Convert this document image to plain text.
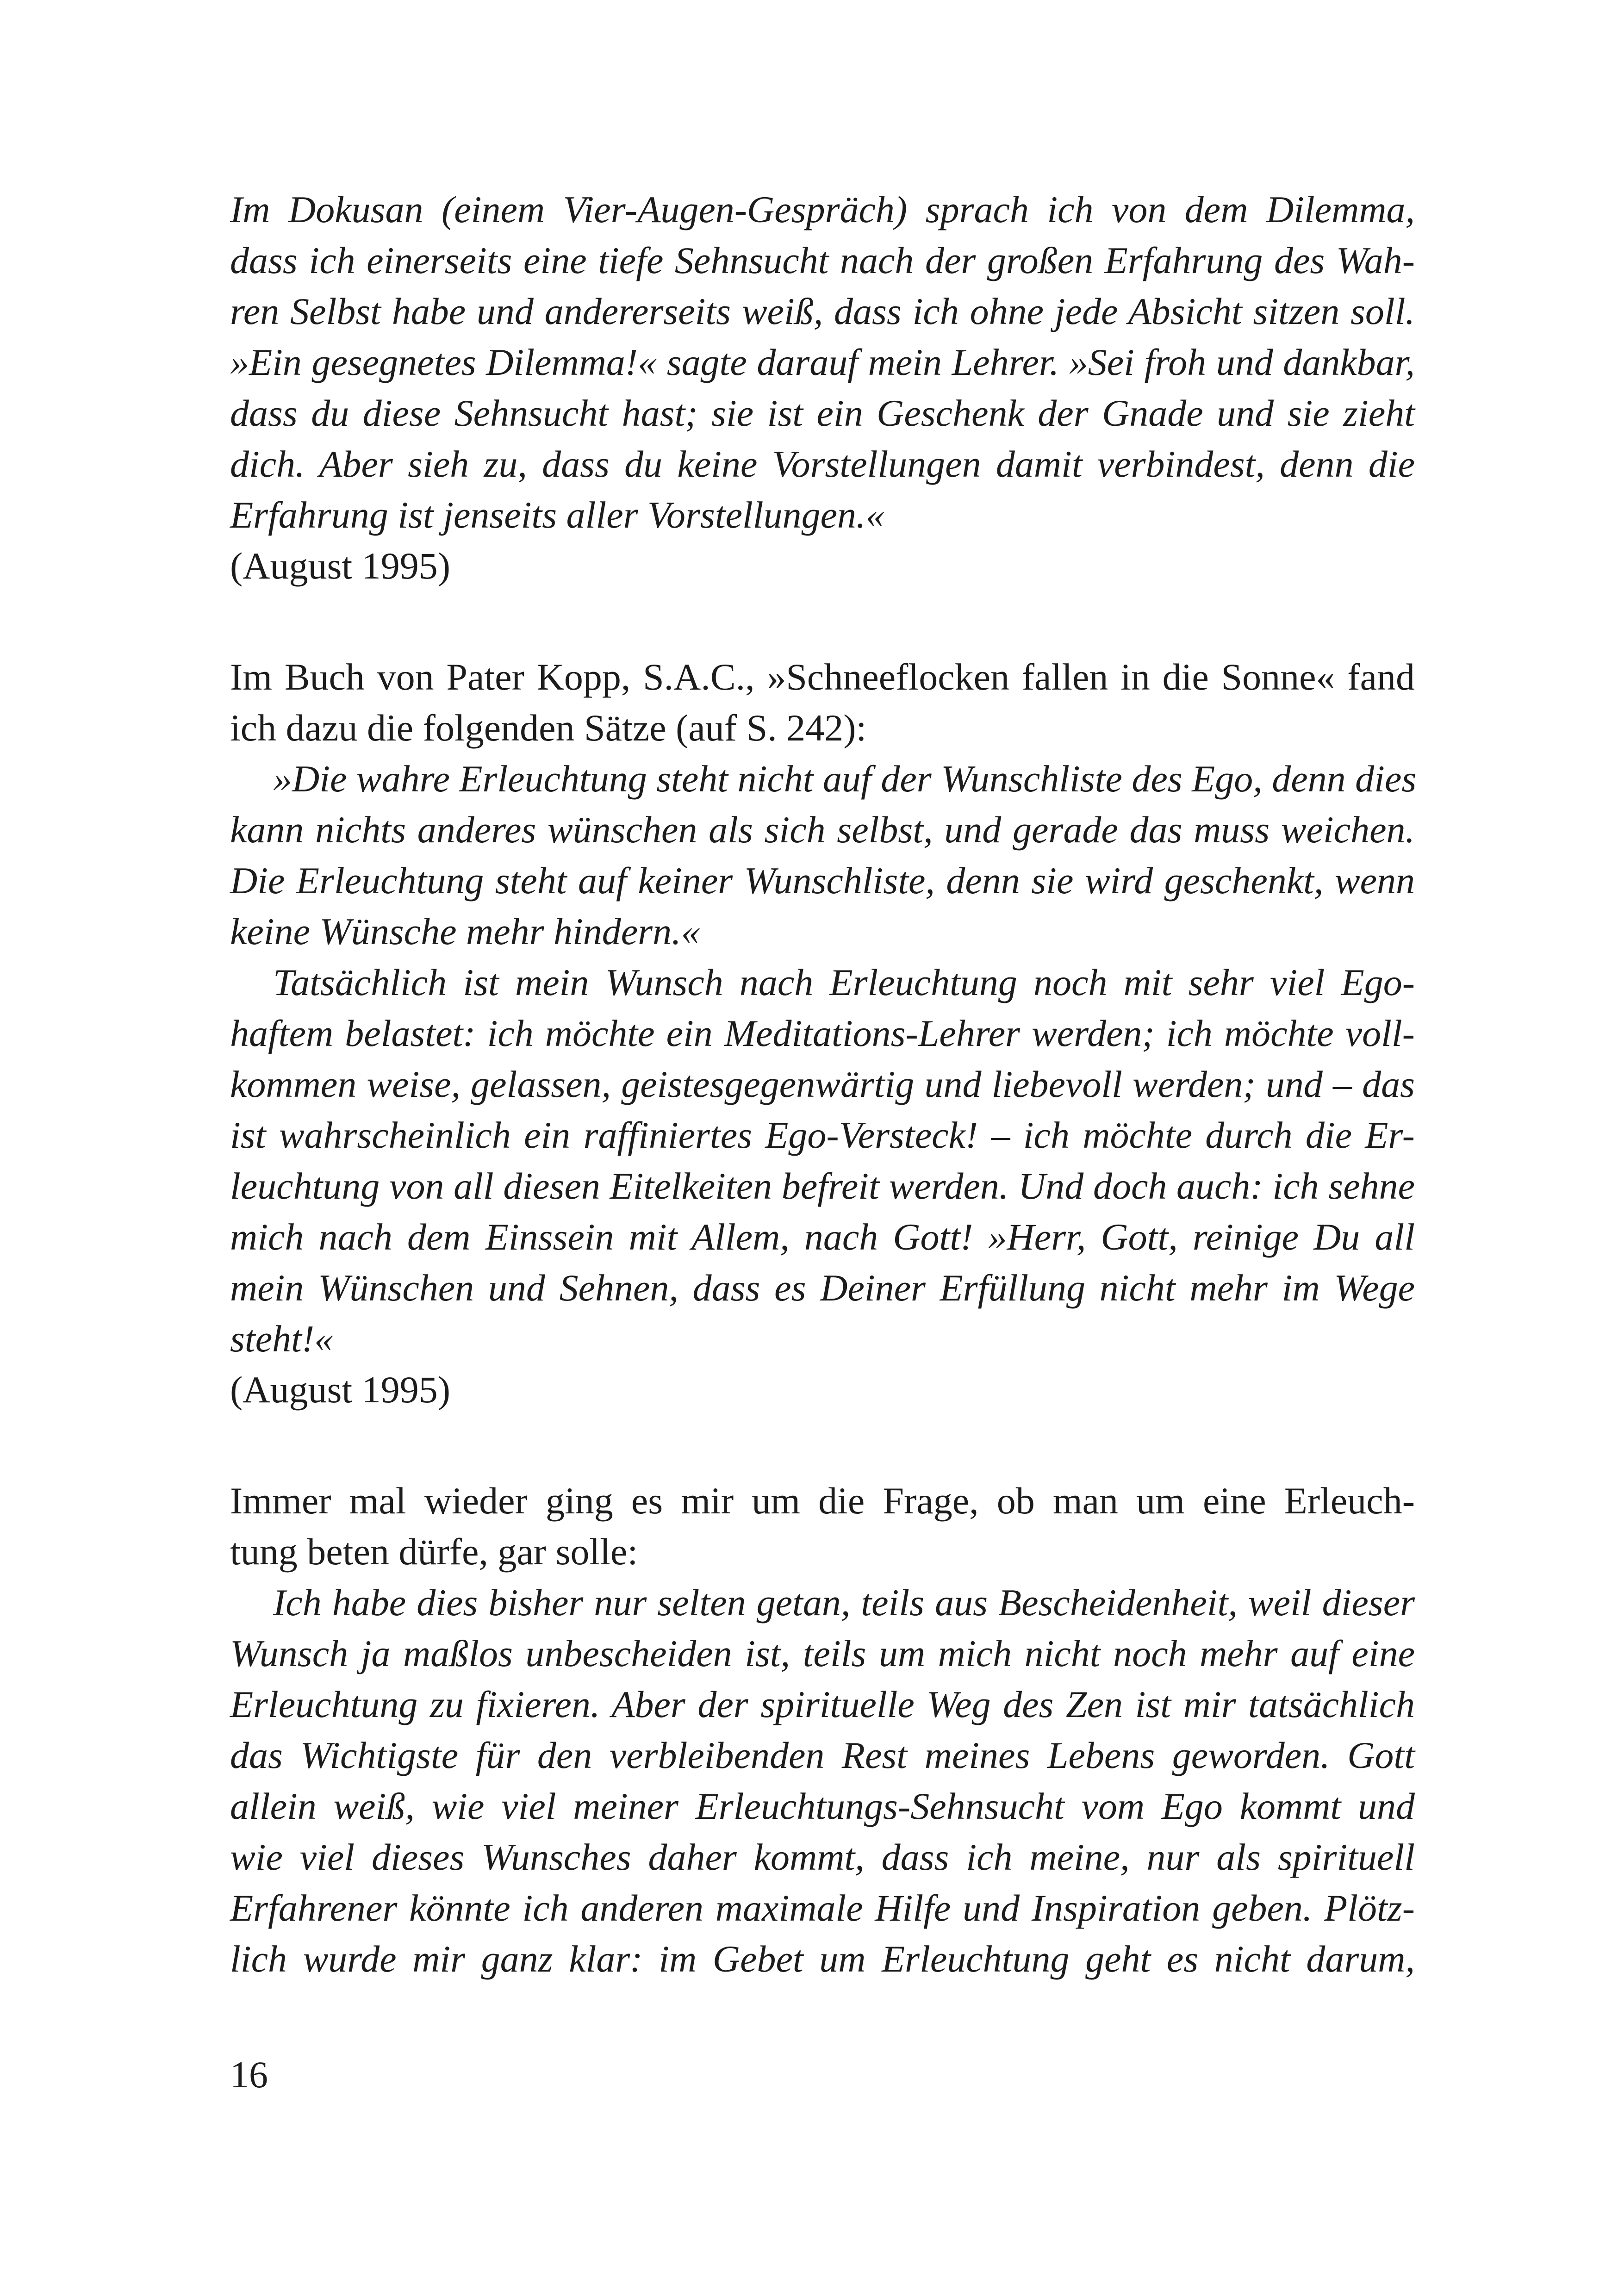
Im Dokusan (einem Vier-Augen-Gespräch) sprach ich von dem Dilemma,
dass ich einerseits eine tiefe Sehnsucht nach der großen Erfahrung des Wah-
ren Selbst habe und andererseits weiß, dass ich ohne jede Absicht sitzen soll.
»Ein gesegnetes Dilemma!« sagte darauf mein Lehrer. »Sei froh und dankbar,
dass du diese Sehnsucht hast; sie ist ein Geschenk der Gnade und sie zieht
dich. Aber sieh zu, dass du keine Vorstellungen damit verbindest, denn die
Erfahrung ist jenseits aller Vorstellungen.«
(August 1995)
Im Buch von Pater Kopp, S.A.C., »Schneeflocken fallen in die Sonne« fand
ich dazu die folgenden Sätze (auf S. 242):
»Die wahre Erleuchtung steht nicht auf der Wunschliste des Ego, denn dies
kann nichts anderes wünschen als sich selbst, und gerade das muss weichen.
Die Erleuchtung steht auf keiner Wunschliste, denn sie wird geschenkt, wenn
keine Wünsche mehr hindern.«
Tatsächlich ist mein Wunsch nach Erleuchtung noch mit sehr viel Ego-
haftem belastet: ich möchte ein Meditations-Lehrer werden; ich möchte voll-
kommen weise, gelassen, geistesgegenwärtig und liebevoll werden; und – das
ist wahrscheinlich ein raffiniertes Ego-Versteck! – ich möchte durch die Er-
leuchtung von all diesen Eitelkeiten befreit werden. Und doch auch: ich sehne
mich nach dem Einssein mit Allem, nach Gott! »Herr, Gott, reinige Du all
mein Wünschen und Sehnen, dass es Deiner Erfüllung nicht mehr im Wege
steht!«
(August 1995)
Immer mal wieder ging es mir um die Frage, ob man um eine Erleuch-
tung beten dürfe, gar solle:
Ich habe dies bisher nur selten getan, teils aus Bescheidenheit, weil dieser
Wunsch ja maßlos unbescheiden ist, teils um mich nicht noch mehr auf eine
Erleuchtung zu fixieren. Aber der spirituelle Weg des Zen ist mir tatsächlich
das Wichtigste für den verbleibenden Rest meines Lebens geworden. Gott
allein weiß, wie viel meiner Erleuchtungs-Sehnsucht vom Ego kommt und
wie viel dieses Wunsches daher kommt, dass ich meine, nur als spirituell
Erfahrener könnte ich anderen maximale Hilfe und Inspiration geben. Plötz-
lich wurde mir ganz klar: im Gebet um Erleuchtung geht es nicht darum,
16
